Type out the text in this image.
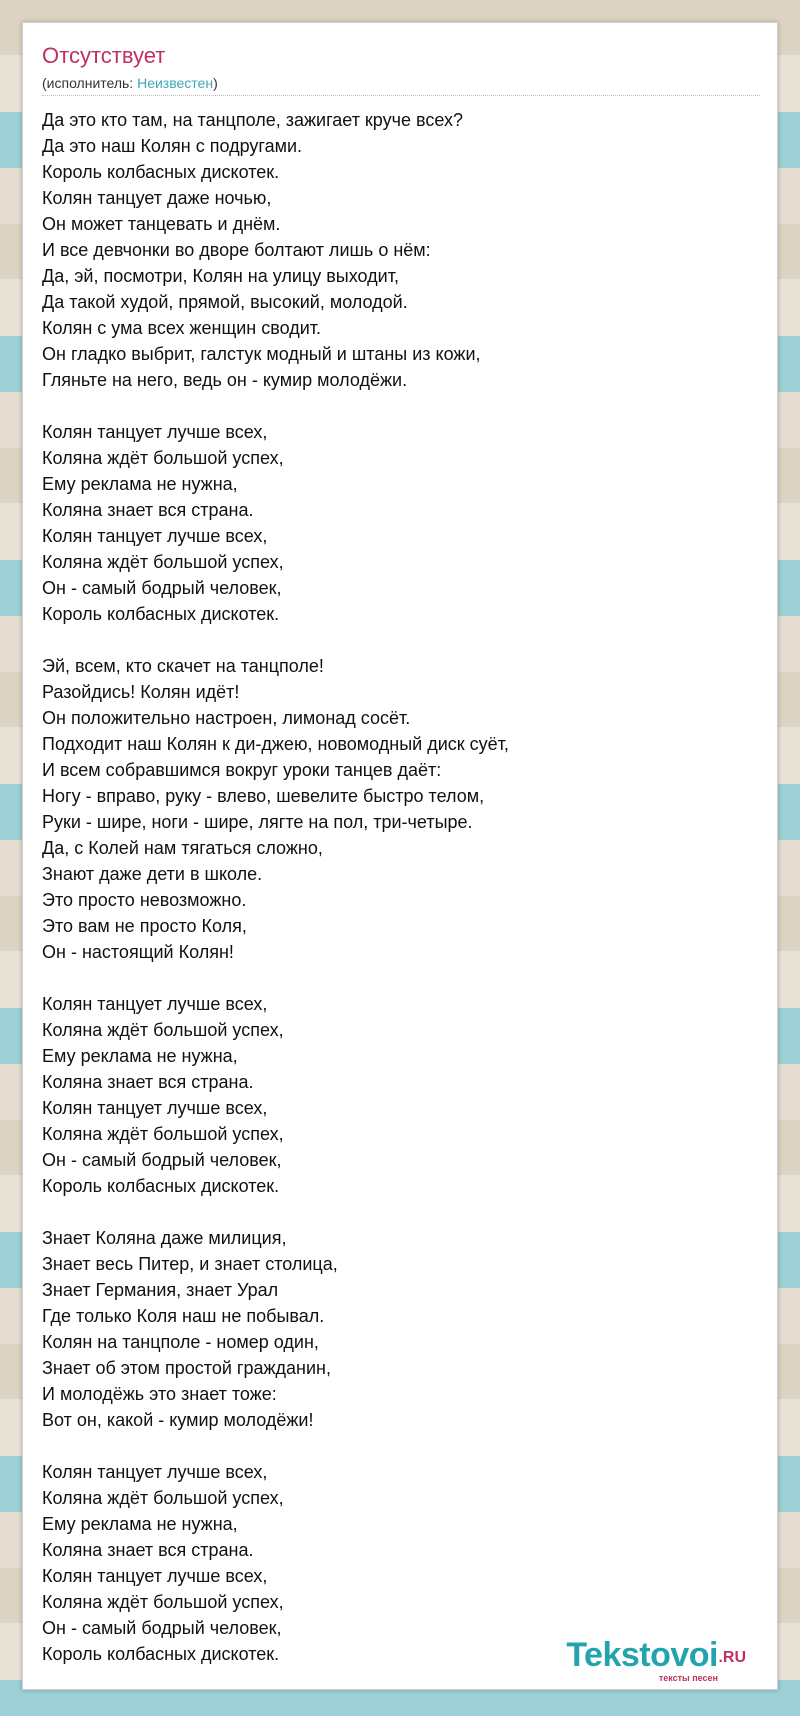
Отсутствует
(исполнитель: Неизвестен)
Да это кто там, на танцполе, зажигает круче всех?
Да это наш Колян с подругами.
Король колбасных дискотек.
Колян танцует даже ночью,
Он может танцевать и днём.
И все девчонки во дворе болтают лишь о нём:
Да, эй, посмотри, Колян на улицу выходит,
Да такой худой, прямой, высокий, молодой.
Колян с ума всех женщин сводит.
Он гладко выбрит, галстук модный и штаны из кожи,
Гляньте на него, ведь он - кумир молодёжи.
Колян танцует лучше всех,
Коляна ждёт большой успех,
Ему реклама не нужна,
Коляна знает вся страна.
Колян танцует лучше всех,
Коляна ждёт большой успех,
Он - самый бодрый человек,
Король колбасных дискотек.
Эй, всем, кто скачет на танцполе!
Разойдись! Колян идёт!
Он положительно настроен, лимонад сосёт.
Подходит наш Колян к ди-джею, новомодный диск суёт,
И всем собравшимся вокруг уроки танцев даёт:
Ногу - вправо, руку - влево, шевелите быстро телом,
Руки - шире, ноги - шире, лягте на пол, три-четыре.
Да, с Колей нам тягаться сложно,
Знают даже дети в школе.
Это просто невозможно.
Это вам не просто Коля,
Он - настоящий Колян!
Колян танцует лучше всех,
Коляна ждёт большой успех,
Ему реклама не нужна,
Коляна знает вся страна.
Колян танцует лучше всех,
Коляна ждёт большой успех,
Он - самый бодрый человек,
Король колбасных дискотек.
Знает Коляна даже милиция,
Знает весь Питер, и знает столица,
Знает Германия, знает Урал
Где только Коля наш не побывал.
Колян на танцполе - номер один,
Знает об этом простой гражданин,
И молодёжь это знает тоже:
Вот он, какой - кумир молодёжи!
Колян танцует лучше всех,
Коляна ждёт большой успех,
Ему реклама не нужна,
Коляна знает вся страна.
Колян танцует лучше всех,
Коляна ждёт большой успех,
Он - самый бодрый человек,
Король колбасных дискотек.	Tekstovoi .RU
тексты песен
